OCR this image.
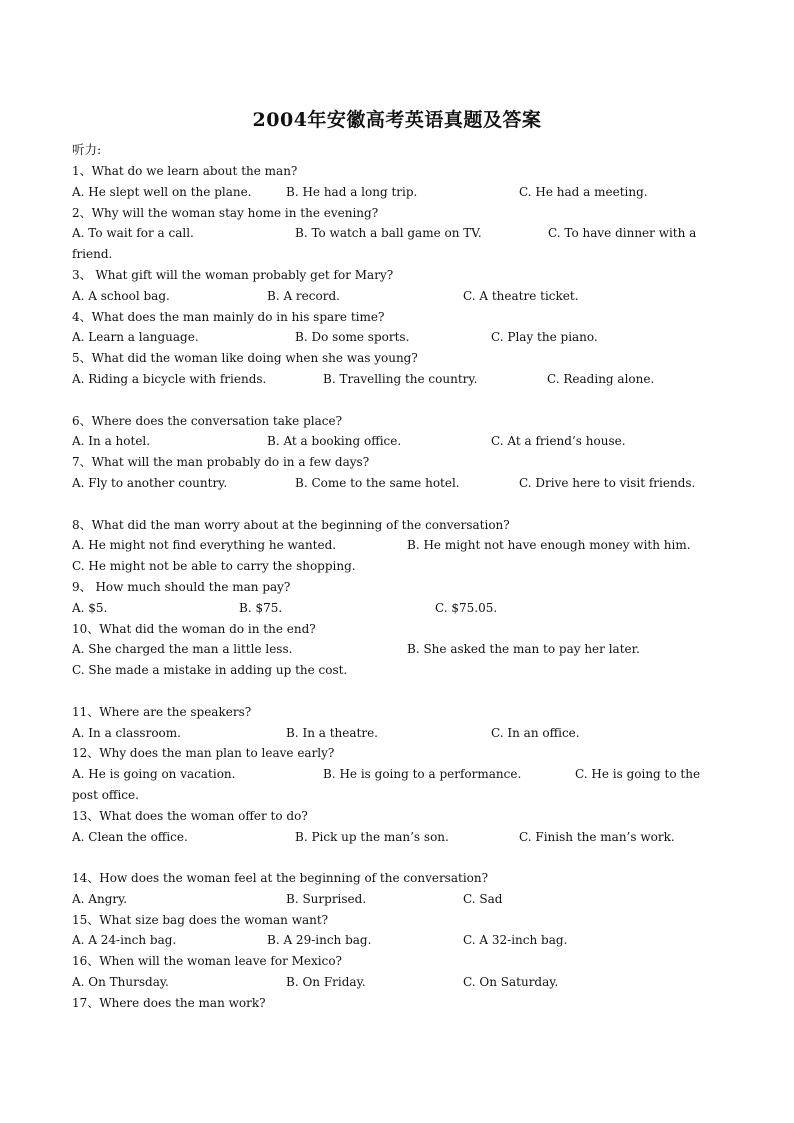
2004年安徽高考英语真题及答案
听力:
1、What do we learn about the man?
A. He slept well on the plane.	B. He had a long trip.	C. He had a meeting.
2、Why will the woman stay home in the evening?
A. To wait for a call.	B. To watch a ball game on TV.	C. To have dinner with a
friend.
3、 What gift will the woman probably get for Mary?
A. A school bag.	B. A record.	C. A theatre ticket.
4、What does the man mainly do in his spare time?
A. Learn a language.	B. Do some sports.	C. Play the piano.
5、What did the woman like doing when she was young?
A. Riding a bicycle with friends.	B. Travelling the country.	C. Reading alone.
6、Where does the conversation take place?
A. In a hotel.	B. At a booking office.	C. At a friend’s house.
7、What will the man probably do in a few days?
A. Fly to another country.	B. Come to the same hotel.	C. Drive here to visit friends.
8、What did the man worry about at the beginning of the conversation?
A. He might not find everything he wanted.	B. He might not have enough money with him.
C. He might not be able to carry the shopping.
9、 How much should the man pay?
A. $5.	B. $75.	C. $75.05.
10、What did the woman do in the end?
A. She charged the man a little less.	B. She asked the man to pay her later.
C. She made a mistake in adding up the cost.
11、Where are the speakers?
A. In a classroom.	B. In a theatre.	C. In an office.
12、Why does the man plan to leave early?
A. He is going on vacation.	B. He is going to a performance.	C. He is going to the
post office.
13、What does the woman offer to do?
A. Clean the office.	B. Pick up the man’s son.	C. Finish the man’s work.
14、How does the woman feel at the beginning of the conversation?
A. Angry.	B. Surprised.	C. Sad
15、What size bag does the woman want?
A. A 24-inch bag.	B. A 29-inch bag.	C. A 32-inch bag.
16、When will the woman leave for Mexico?
A. On Thursday.	B. On Friday.	C. On Saturday.
17、Where does the man work?
